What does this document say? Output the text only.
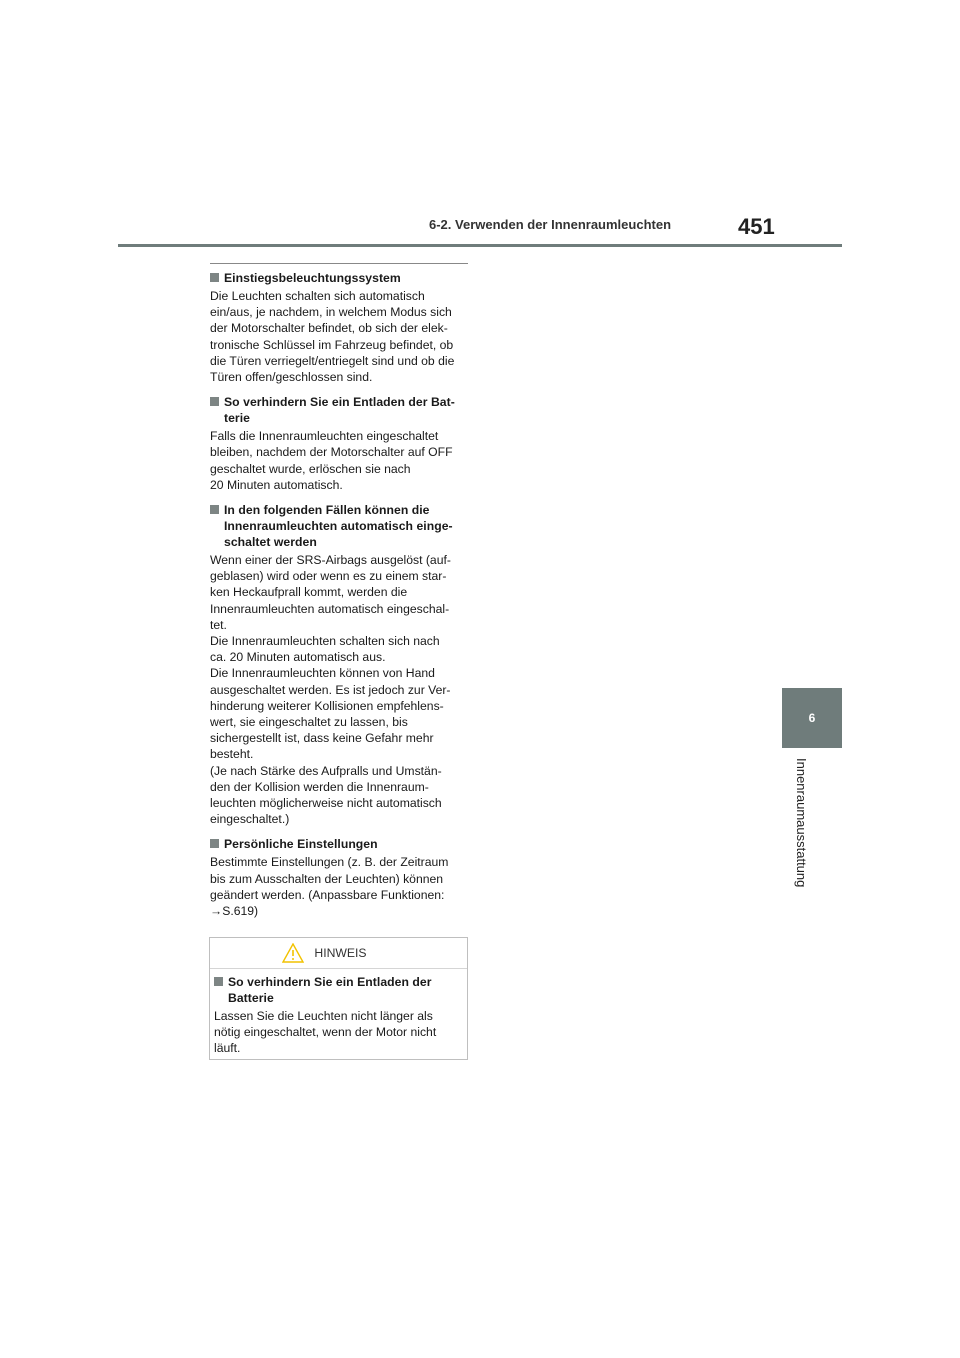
6-2. Verwenden der Innenraumleuchten	451
6
Innenraumausstattung
Einstiegsbeleuchtungssystem
Die Leuchten schalten sich automatisch
ein/aus, je nachdem, in welchem Modus sich
der Motorschalter befindet, ob sich der elek-
tronische Schlüssel im Fahrzeug befindet, ob
die Türen verriegelt/entriegelt sind und ob die
Türen offen/geschlossen sind.
So verhindern Sie ein Entladen der Bat-
terie
Falls die Innenraumleuchten eingeschaltet
bleiben, nachdem der Motorschalter auf OFF
geschaltet wurde, erlöschen sie nach
20 Minuten automatisch.
In den folgenden Fällen können die
Innenraumleuchten automatisch einge-
schaltet werden
Wenn einer der SRS-Airbags ausgelöst (auf-
geblasen) wird oder wenn es zu einem star-
ken Heckaufprall kommt, werden die
Innenraumleuchten automatisch eingeschal-
tet.
Die Innenraumleuchten schalten sich nach
ca. 20 Minuten automatisch aus.
Die Innenraumleuchten können von Hand
ausgeschaltet werden. Es ist jedoch zur Ver-
hinderung weiterer Kollisionen empfehlens-
wert, sie eingeschaltet zu lassen, bis
sichergestellt ist, dass keine Gefahr mehr
besteht.
(Je nach Stärke des Aufpralls und Umstän-
den der Kollision werden die Innenraum-
leuchten möglicherweise nicht automatisch
eingeschaltet.)
Persönliche Einstellungen
Bestimmte Einstellungen (z. B. der Zeitraum
bis zum Ausschalten der Leuchten) können
geändert werden. (Anpassbare Funktionen:
→S.619)
HINWEIS
So verhindern Sie ein Entladen der
Batterie
Lassen Sie die Leuchten nicht länger als
nötig eingeschaltet, wenn der Motor nicht
läuft.
